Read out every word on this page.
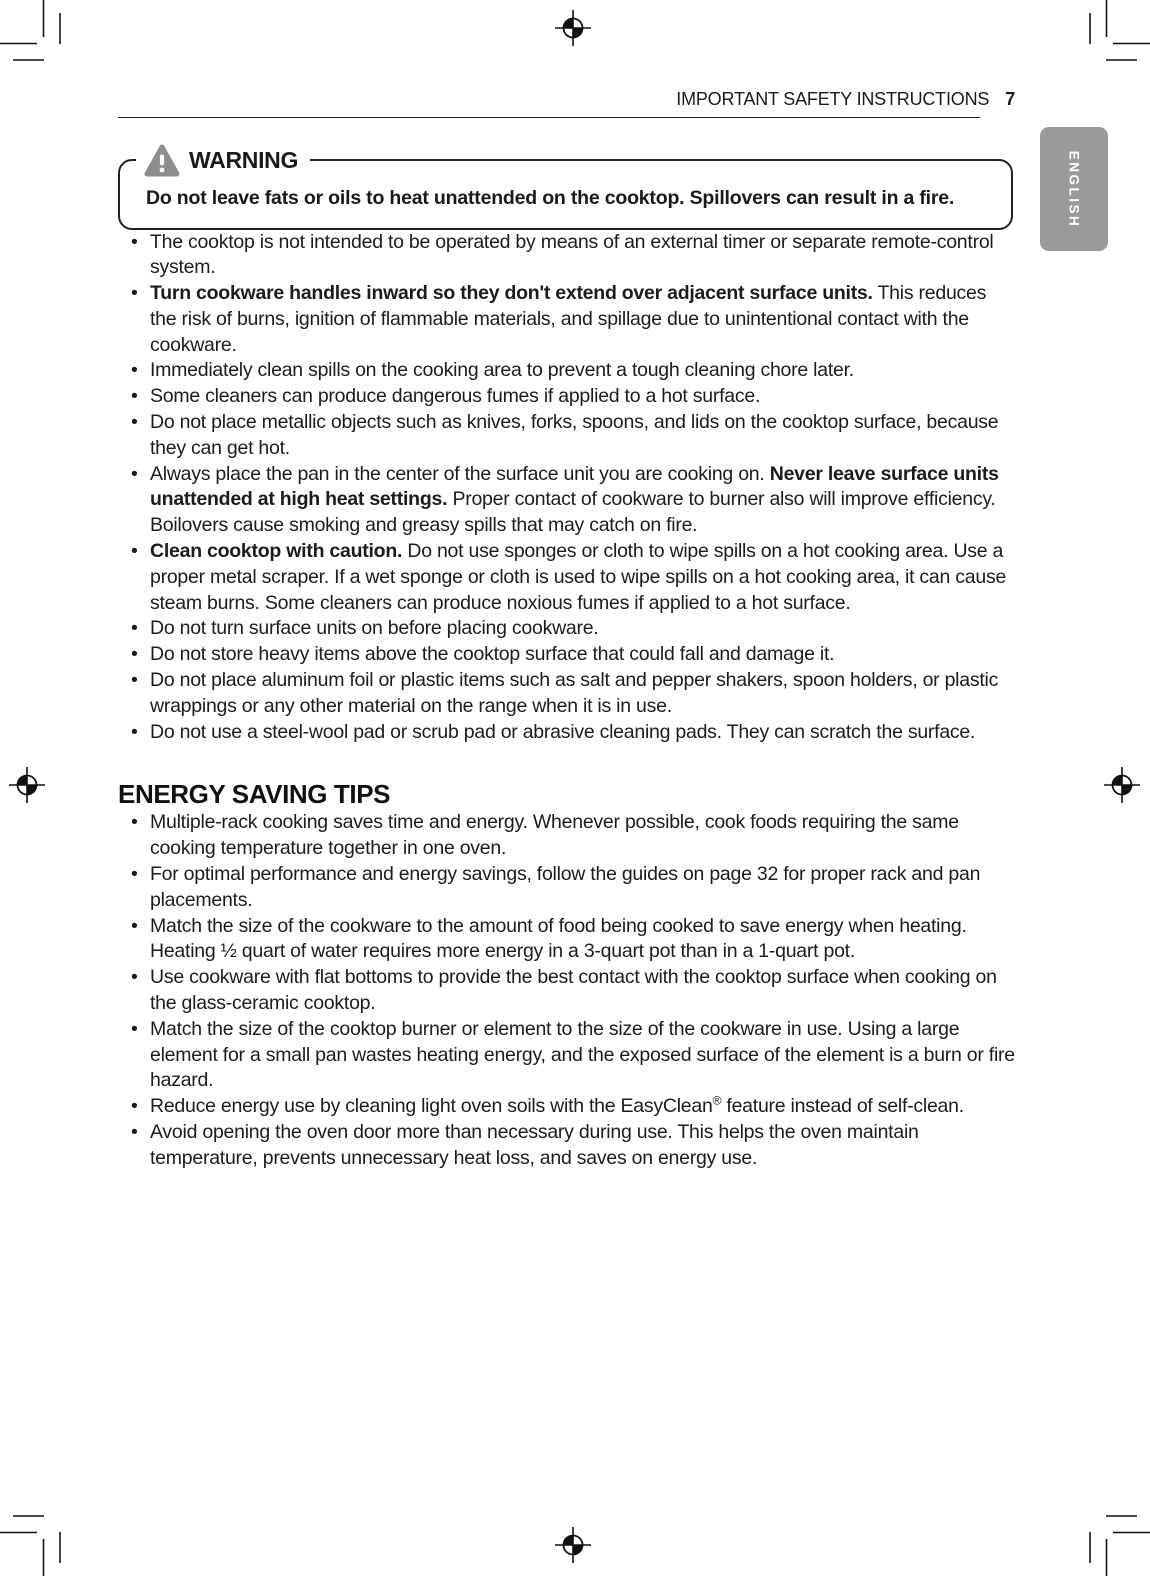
ENGLISH
IMPORTANT SAFETY INSTRUCTIONS 7
WARNING
Do not leave fats or oils to heat unattended on the cooktop. Spillovers can result in a fire.
• The cooktop is not intended to be operated by means of an external timer or separate remote-control system.
• Turn cookware handles inward so they don't extend over adjacent surface units. This reduces the risk of burns, ignition of flammable materials, and spillage due to unintentional contact with the cookware.
• Immediately clean spills on the cooking area to prevent a tough cleaning chore later.
• Some cleaners can produce dangerous fumes if applied to a hot surface.
• Do not place metallic objects such as knives, forks, spoons, and lids on the cooktop surface, because they can get hot.
• Always place the pan in the center of the surface unit you are cooking on. Never leave surface units unattended at high heat settings. Proper contact of cookware to burner also will improve efficiency. Boilovers cause smoking and greasy spills that may catch on fire.
• Clean cooktop with caution. Do not use sponges or cloth to wipe spills on a hot cooking area. Use a proper metal scraper. If a wet sponge or cloth is used to wipe spills on a hot cooking area, it can cause steam burns. Some cleaners can produce noxious fumes if applied to a hot surface.
• Do not turn surface units on before placing cookware.
• Do not store heavy items above the cooktop surface that could fall and damage it.
• Do not place aluminum foil or plastic items such as salt and pepper shakers, spoon holders, or plastic wrappings or any other material on the range when it is in use.
• Do not use a steel-wool pad or scrub pad or abrasive cleaning pads. They can scratch the surface.
ENERGY SAVING TIPS
• Multiple-rack cooking saves time and energy. Whenever possible, cook foods requiring the same cooking temperature together in one oven.
• For optimal performance and energy savings, follow the guides on page 32 for proper rack and pan placements.
• Match the size of the cookware to the amount of food being cooked to save energy when heating. Heating ½ quart of water requires more energy in a 3-quart pot than in a 1-quart pot.
• Use cookware with flat bottoms to provide the best contact with the cooktop surface when cooking on the glass-ceramic cooktop.
• Match the size of the cooktop burner or element to the size of the cookware in use. Using a large element for a small pan wastes heating energy, and the exposed surface of the element is a burn or fire hazard.
• Reduce energy use by cleaning light oven soils with the EasyClean® feature instead of self-clean.
• Avoid opening the oven door more than necessary during use. This helps the oven maintain temperature, prevents unnecessary heat loss, and saves on energy use.
